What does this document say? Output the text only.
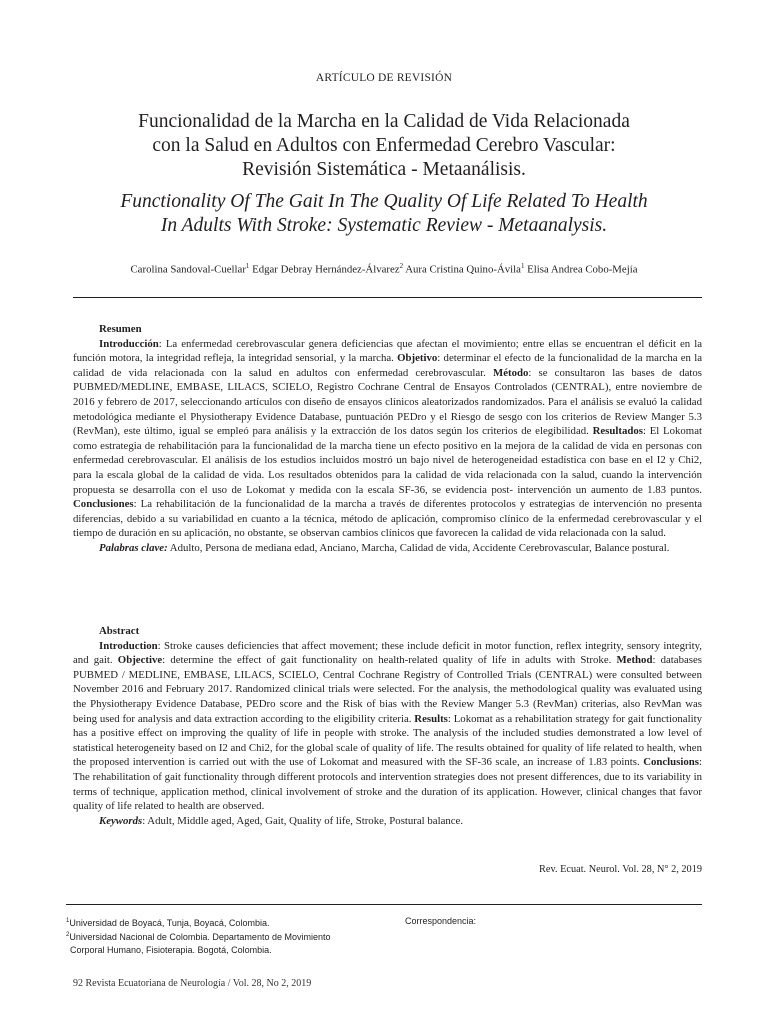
ARTÍCULO DE REVISIÓN
Funcionalidad de la Marcha en la Calidad de Vida Relacionada
con la Salud en Adultos con Enfermedad Cerebro Vascular:
Revisión Sistemática - Metaanálisis.
Functionality Of The Gait In The Quality Of Life Related To Health
In Adults With Stroke: Systematic Review - Metaanalysis.
Carolina Sandoval-Cuellar$^1$ Edgar Debray Hernández-Álvarez$^2$ Aura Cristina Quino-Ávila$^1$ Elisa Andrea Cobo-Mejía

Resumen

Introducción: La enfermedad cerebrovascular genera deficiencias que afectan el movimiento; entre ellas se encuentran el déficit en la función motora, la integridad refleja, la integridad sensorial, y la marcha. Objetivo: determinar el efecto de la funcionalidad de la marcha en la calidad de vida relacionada con la salud en adultos con enfermedad cerebrovascular. Método: se consultaron las bases de datos PUBMED/MEDLINE, EMBASE, LILACS, SCIELO, Registro Cochrane Central de Ensayos Controlados (CENTRAL), entre noviembre de 2016 y febrero de 2017, seleccionando artículos con diseño de ensayos clínicos aleatorizados randomizados. Para el análisis se evaluó la calidad metodológica mediante el Physiotherapy Evidence Database, puntuación PEDro y el Riesgo de sesgo con los criterios de Review Manger 5.3 (RevMan), este último, igual se empleó para análisis y la extracción de los datos según los criterios de elegibilidad. Resultados: El Lokomat como estrategia de rehabilitación para la funcionalidad de la marcha tiene un efecto positivo en la mejora de la calidad de vida en personas con enfermedad cerebrovascular. El análisis de los estudios incluidos mostró un bajo nivel de heterogeneidad estadística con base en el I2 y Chi2, para la escala global de la calidad de vida. Los resultados obtenidos para la calidad de vida relacionada con la salud, cuando la intervención propuesta se desarrolla con el uso de Lokomat y medida con la escala SF-36, se evidencia post- intervención un aumento de 1.83 puntos. Conclusiones: La rehabilitación de la funcionalidad de la marcha a través de diferentes protocolos y estrategias de intervención no presenta diferencias, debido a su variabilidad en cuanto a la técnica, método de aplicación, compromiso clínico de la enfermedad cerebrovascular y el tiempo de duración en su aplicación, no obstante, se observan cambios clínicos que favorecen la calidad de vida relacionada con la salud.

Palabras clave: Adulto, Persona de mediana edad, Anciano, Marcha, Calidad de vida, Accidente Cerebrovascular, Balance postural.

Abstract

Introduction: Stroke causes deficiencies that affect movement; these include deficit in motor function, reflex integrity, sensory integrity, and gait. Objective: determine the effect of gait functionality on health-related quality of life in adults with Stroke. Method: databases PUBMED / MEDLINE, EMBASE, LILACS, SCIELO, Central Cochrane Registry of Controlled Trials (CENTRAL) were consulted between November 2016 and February 2017. Randomized clinical trials were selected. For the analysis, the methodological quality was evaluated using the Physiotherapy Evidence Database, PEDro score and the Risk of bias with the Review Manger 5.3 (RevMan) criterias, also RevMan was being used for analysis and data extraction according to the eligibility criteria. Results: Lokomat as a rehabilitation strategy for gait functionality has a positive effect on improving the quality of life in people with stroke. The analysis of the included studies demonstrated a low level of statistical heterogeneity based on I2 and Chi2, for the global scale of quality of life. The results obtained for quality of life related to health, when the proposed intervention is carried out with the use of Lokomat and measured with the SF-36 scale, an increase of 1.83 points. Conclusions: The rehabilitation of gait functionality through different protocols and intervention strategies does not present differences, due to its variability in terms of technique, application method, clinical involvement of stroke and the duration of its application. However, clinical changes that favor quality of life related to health are observed.

Keywords: Adult, Middle aged, Aged, Gait, Quality of life, Stroke, Postural balance.

Rev. Ecuat. Neurol. Vol. 28, N° 2, 2019
$^1$Universidad de Boyacá, Tunja, Boyacá, Colombia.
$^2$Universidad Nacional de Colombia. Departamento de Movimiento
Corporal Humano, Fisioterapia. Bogotá, Colombia.
Correspondencia:
92 Revista Ecuatoriana de Neurología / Vol. 28, No 2, 2019
